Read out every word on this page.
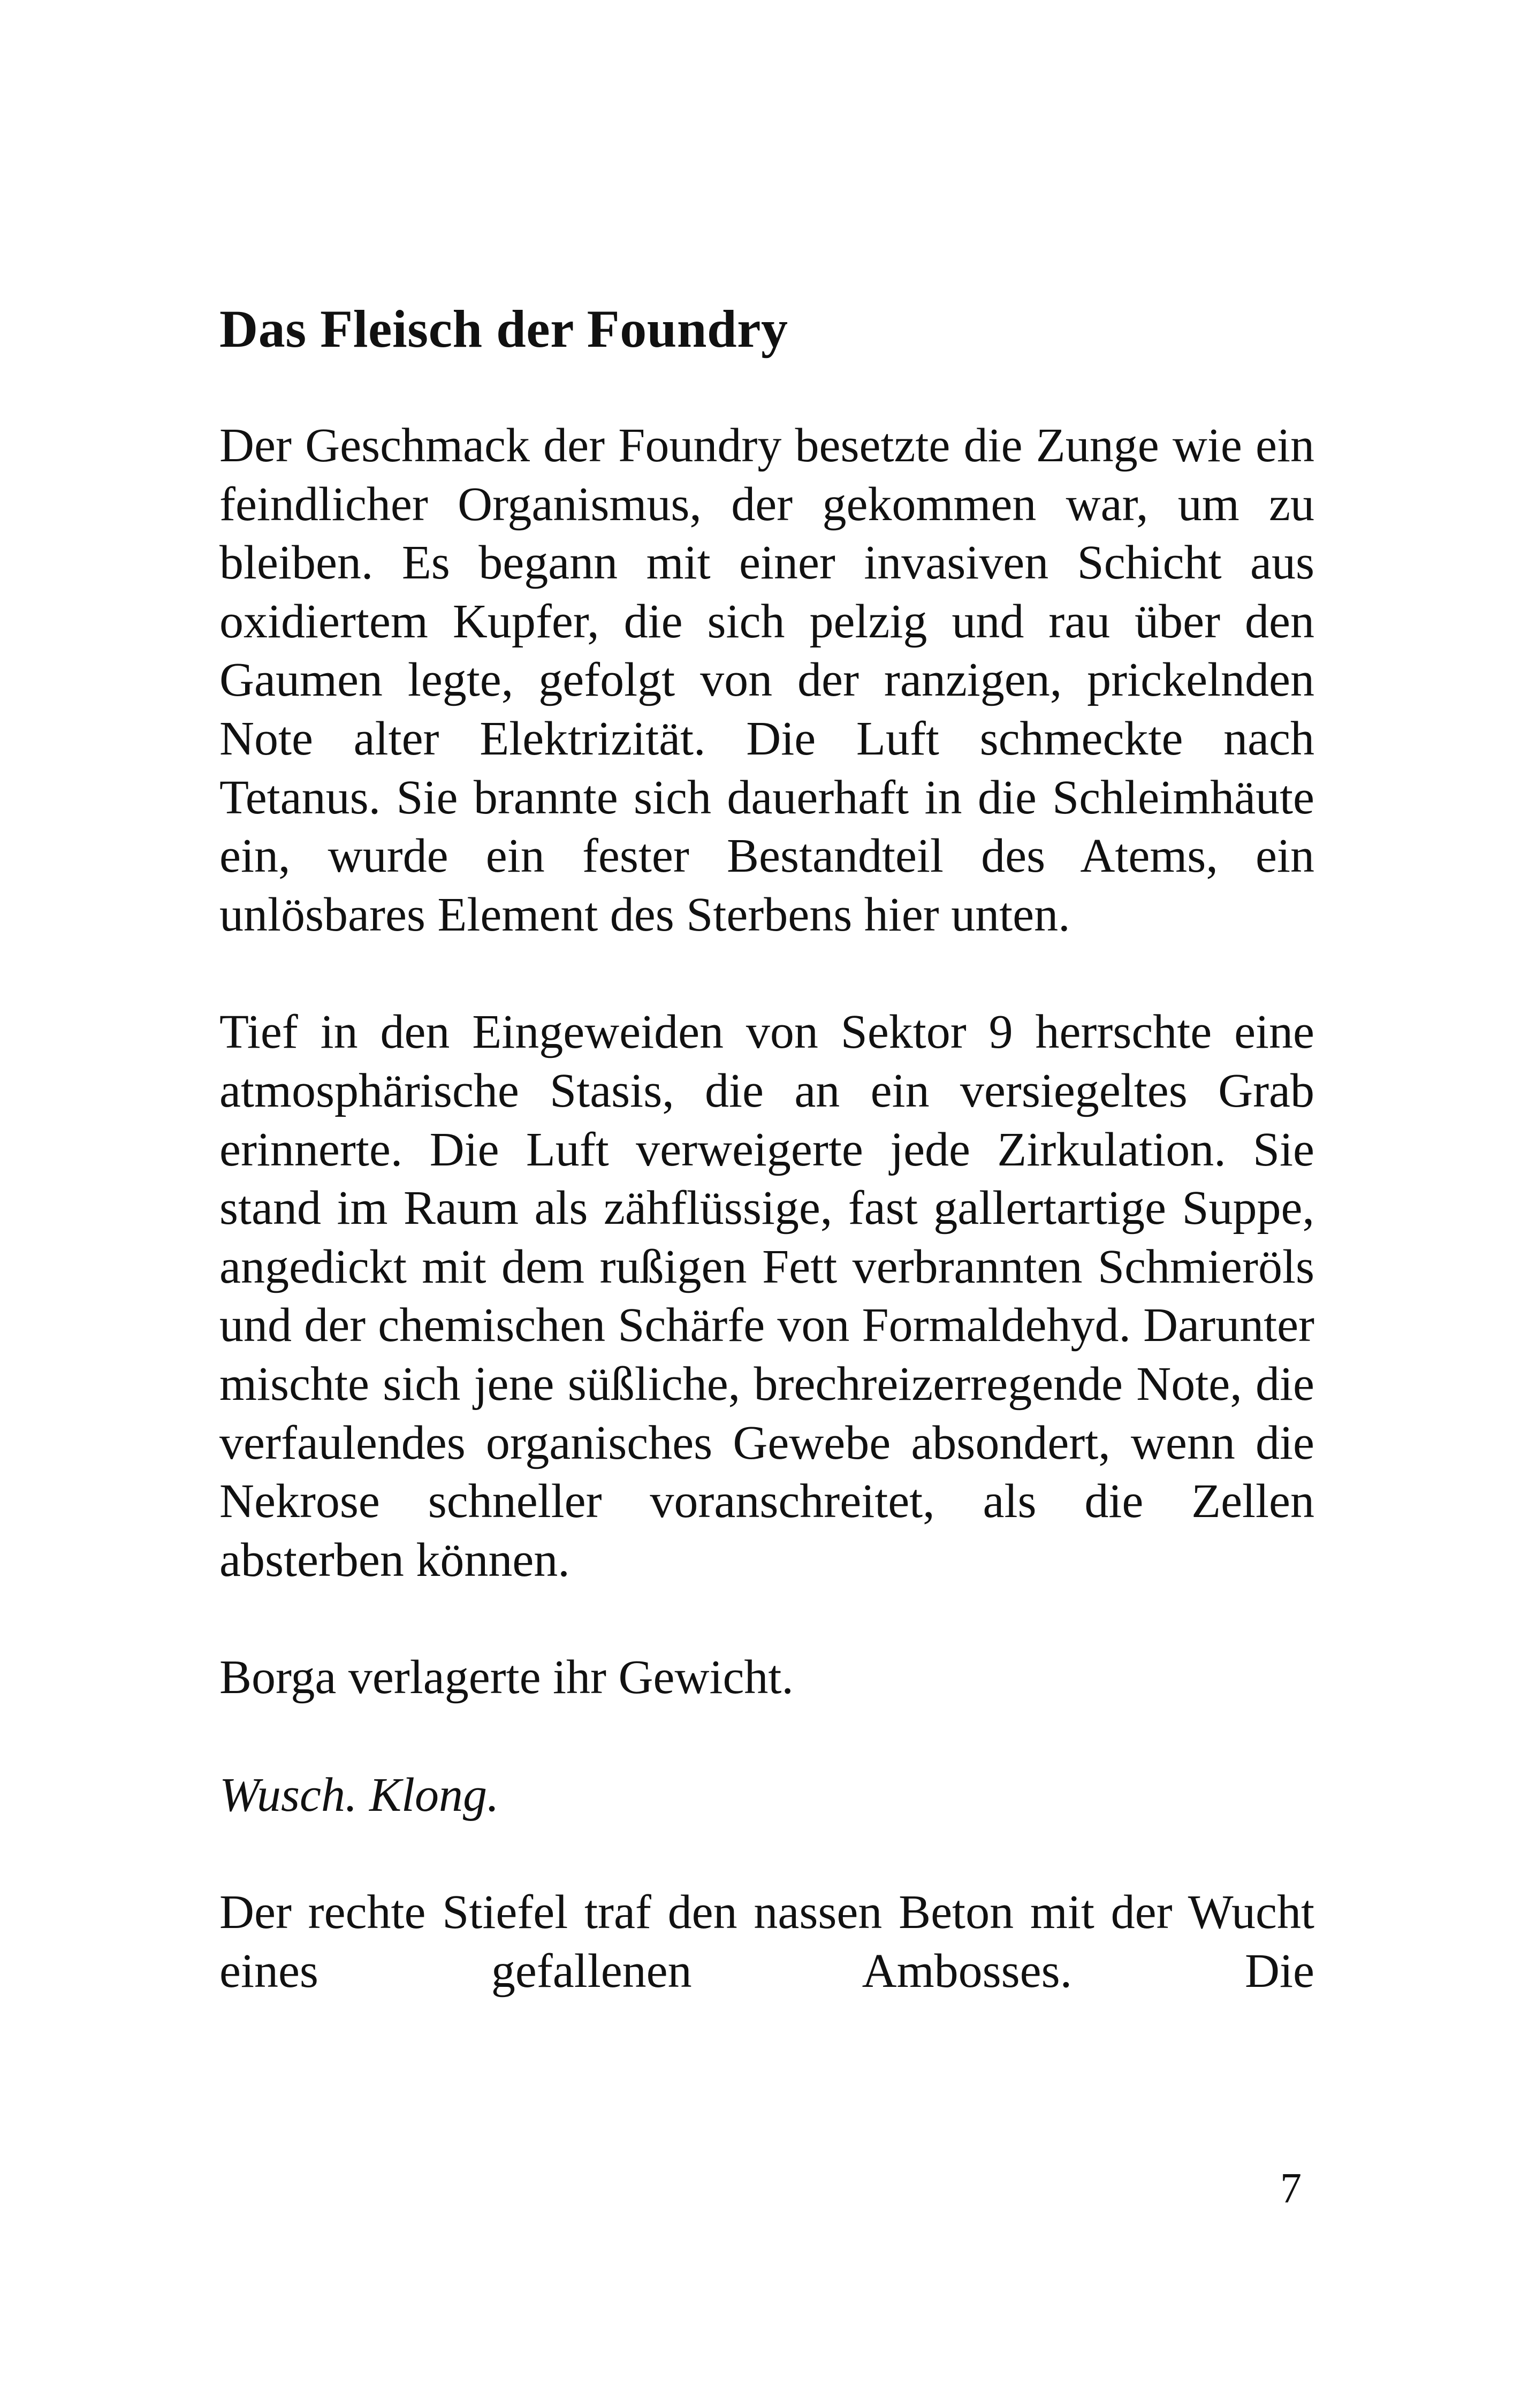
Das Fleisch der Foundry

Der Geschmack der Foundry besetzte die Zunge wie ein feindlicher Organismus, der gekommen war, um zu bleiben. Es begann mit einer invasiven Schicht aus oxidiertem Kupfer, die sich pelzig und rau über den Gaumen legte, gefolgt von der ranzigen, prickelnden Note alter Elektrizität. Die Luft schmeckte nach Tetanus. Sie brannte sich dauerhaft in die Schleimhäute ein, wurde ein fester Bestandteil des Atems, ein unlösbares Element des Sterbens hier unten.

Tief in den Eingeweiden von Sektor 9 herrschte eine atmosphärische Stasis, die an ein versiegeltes Grab erinnerte. Die Luft verweigerte jede Zirkulation. Sie stand im Raum als zähflüssige, fast gallertartige Suppe, angedickt mit dem rußigen Fett verbrannten Schmieröls und der chemischen Schärfe von Formaldehyd. Darunter mischte sich jene süßliche, brechreizerregende Note, die verfaulendes organisches Gewebe absondert, wenn die Nekrose schneller voranschreitet, als die Zellen absterben können.

Borga verlagerte ihr Gewicht.

Wusch. Klong.

Der rechte Stiefel traf den nassen Beton mit der Wucht eines gefallenen Ambosses. Die

7
